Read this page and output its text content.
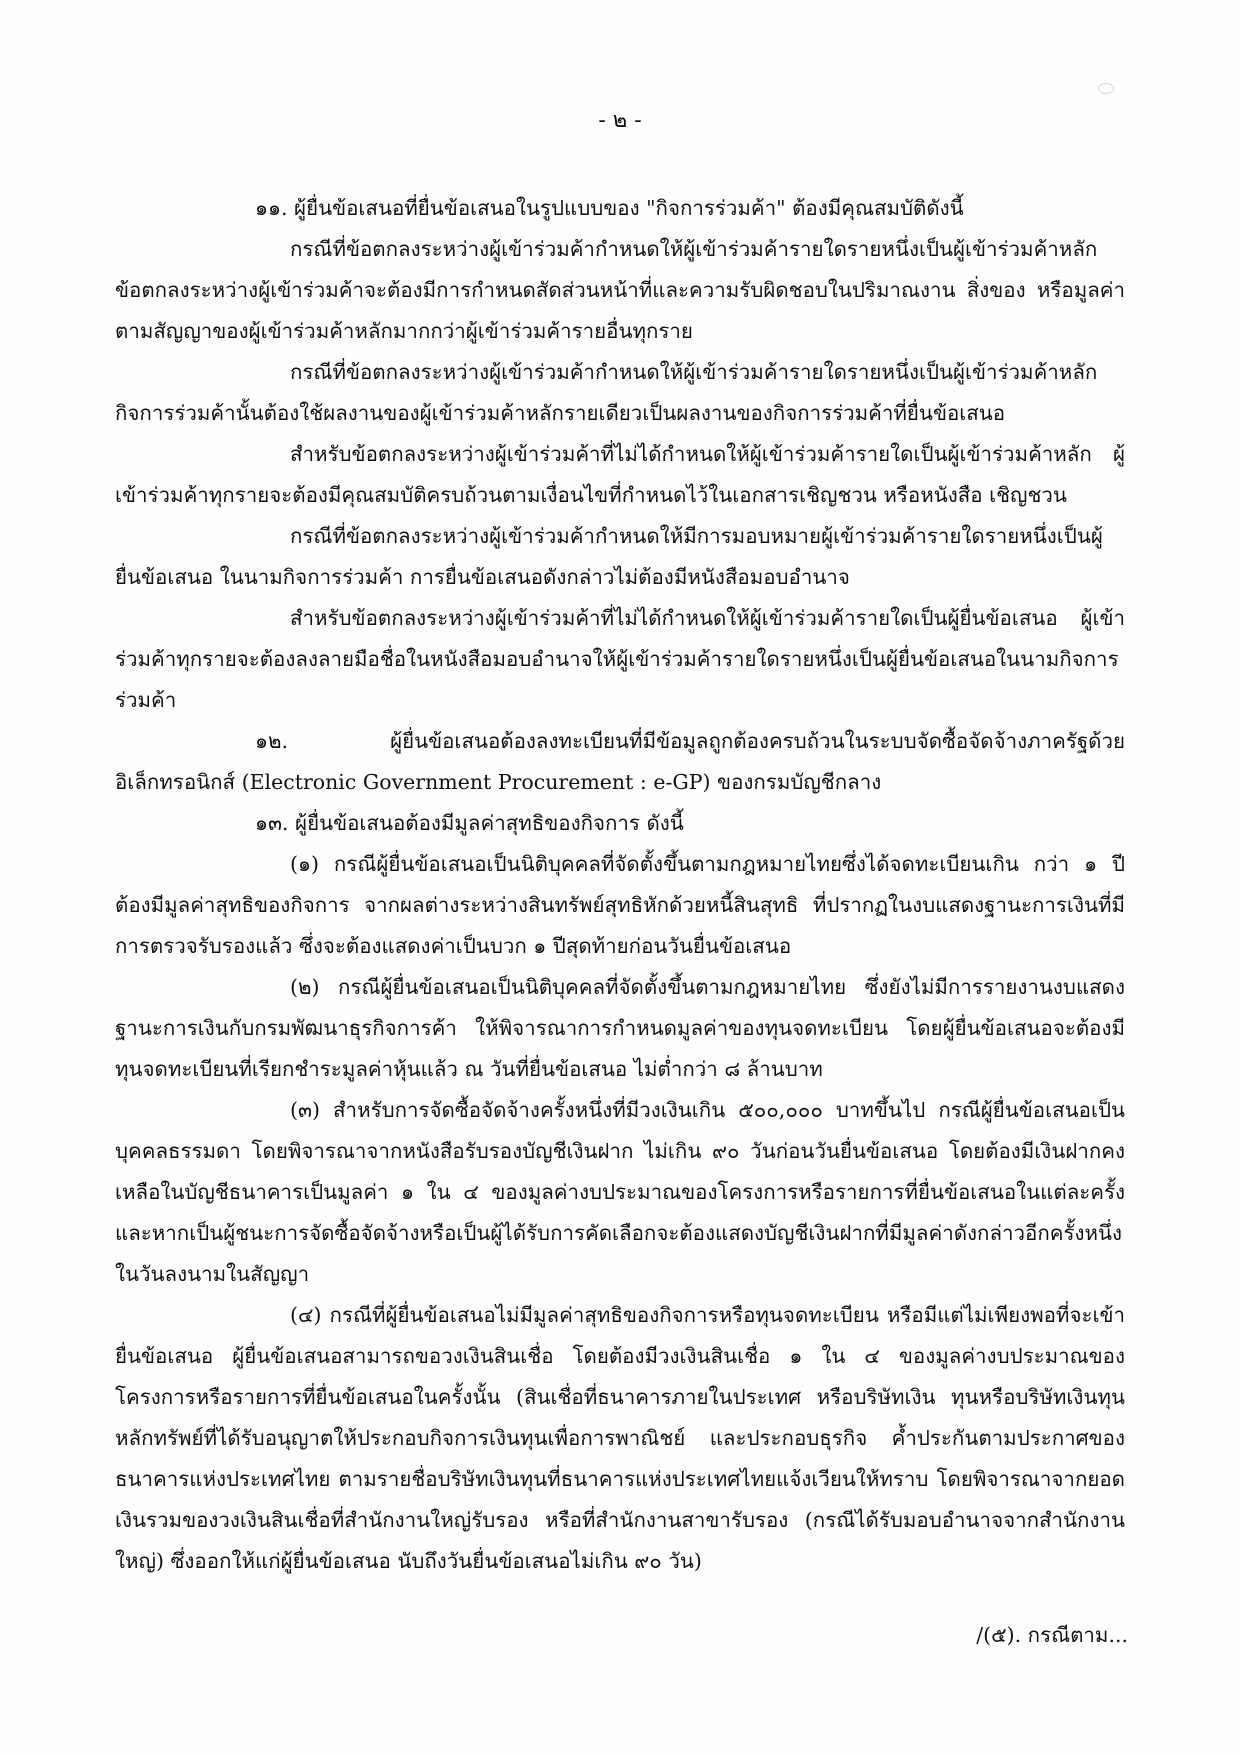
- ๒ -

๑๑. ผู้ยื่นข้อเสนอที่ยื่นข้อเสนอในรูปแบบของ "กิจการร่วมค้า" ต้องมีคุณสมบัติดังนี้

กรณีที่ข้อตกลงระหว่างผู้เข้าร่วมค้ากำหนดให้ผู้เข้าร่วมค้ารายใดรายหนึ่งเป็นผู้เข้าร่วมค้าหลัก ข้อตกลงระหว่างผู้เข้าร่วมค้าจะต้องมีการกำหนดสัดส่วนหน้าที่และความรับผิดชอบในปริมาณงาน สิ่งของ หรือมูลค่าตามสัญญาของผู้เข้าร่วมค้าหลักมากกว่าผู้เข้าร่วมค้ารายอื่นทุกราย

กรณีที่ข้อตกลงระหว่างผู้เข้าร่วมค้ากำหนดให้ผู้เข้าร่วมค้ารายใดรายหนึ่งเป็นผู้เข้าร่วมค้าหลัก กิจการร่วมค้านั้นต้องใช้ผลงานของผู้เข้าร่วมค้าหลักรายเดียวเป็นผลงานของกิจการร่วมค้าที่ยื่นข้อเสนอ

สำหรับข้อตกลงระหว่างผู้เข้าร่วมค้าที่ไม่ได้กำหนดให้ผู้เข้าร่วมค้ารายใดเป็นผู้เข้าร่วมค้าหลัก ผู้เข้าร่วมค้าทุกรายจะต้องมีคุณสมบัติครบถ้วนตามเงื่อนไขที่กำหนดไว้ในเอกสารเชิญชวน หรือหนังสือ เชิญชวน

กรณีที่ข้อตกลงระหว่างผู้เข้าร่วมค้ากำหนดให้มีการมอบหมายผู้เข้าร่วมค้ารายใดรายหนึ่งเป็นผู้ยื่นข้อเสนอ ในนามกิจการร่วมค้า การยื่นข้อเสนอดังกล่าวไม่ต้องมีหนังสือมอบอำนาจ

สำหรับข้อตกลงระหว่างผู้เข้าร่วมค้าที่ไม่ได้กำหนดให้ผู้เข้าร่วมค้ารายใดเป็นผู้ยื่นข้อเสนอ ผู้เข้าร่วมค้าทุกรายจะต้องลงลายมือชื่อในหนังสือมอบอำนาจให้ผู้เข้าร่วมค้ารายใดรายหนึ่งเป็นผู้ยื่นข้อเสนอในนามกิจการร่วมค้า

๑๒. ผู้ยื่นข้อเสนอต้องลงทะเบียนที่มีข้อมูลถูกต้องครบถ้วนในระบบจัดซื้อจัดจ้างภาครัฐด้วยอิเล็กทรอนิกส์ (Electronic Government Procurement : e-GP) ของกรมบัญชีกลาง

๑๓. ผู้ยื่นข้อเสนอต้องมีมูลค่าสุทธิของกิจการ ดังนี้

(๑) กรณีผู้ยื่นข้อเสนอเป็นนิติบุคคลที่จัดตั้งขึ้นตามกฎหมายไทยซึ่งได้จดทะเบียนเกิน กว่า ๑ ปี ต้องมีมูลค่าสุทธิของกิจการ จากผลต่างระหว่างสินทรัพย์สุทธิหักด้วยหนี้สินสุทธิ ที่ปรากฏในงบแสดงฐานะการเงินที่มีการตรวจรับรองแล้ว ซึ่งจะต้องแสดงค่าเป็นบวก ๑ ปีสุดท้ายก่อนวันยื่นข้อเสนอ

(๒) กรณีผู้ยื่นข้อเสนอเป็นนิติบุคคลที่จัดตั้งขึ้นตามกฎหมายไทย ซึ่งยังไม่มีการรายงานงบแสดงฐานะการเงินกับกรมพัฒนาธุรกิจการค้า ให้พิจารณาการกำหนดมูลค่าของทุนจดทะเบียน โดยผู้ยื่นข้อเสนอจะต้องมีทุนจดทะเบียนที่เรียกชำระมูลค่าหุ้นแล้ว ณ วันที่ยื่นข้อเสนอ ไม่ต่ำกว่า ๘ ล้านบาท

(๓) สำหรับการจัดซื้อจัดจ้างครั้งหนึ่งที่มีวงเงินเกิน ๕๐๐,๐๐๐ บาทขึ้นไป กรณีผู้ยื่นข้อเสนอเป็นบุคคลธรรมดา โดยพิจารณาจากหนังสือรับรองบัญชีเงินฝาก ไม่เกิน ๙๐ วันก่อนวันยื่นข้อเสนอ โดยต้องมีเงินฝากคงเหลือในบัญชีธนาคารเป็นมูลค่า ๑ ใน ๔ ของมูลค่างบประมาณของโครงการหรือรายการที่ยื่นข้อเสนอในแต่ละครั้ง และหากเป็นผู้ชนะการจัดซื้อจัดจ้างหรือเป็นผู้ได้รับการคัดเลือกจะต้องแสดงบัญชีเงินฝากที่มีมูลค่าดังกล่าวอีกครั้งหนึ่งในวันลงนามในสัญญา

(๔) กรณีที่ผู้ยื่นข้อเสนอไม่มีมูลค่าสุทธิของกิจการหรือทุนจดทะเบียน หรือมีแต่ไม่เพียงพอที่จะเข้ายื่นข้อเสนอ ผู้ยื่นข้อเสนอสามารถขอวงเงินสินเชื่อ โดยต้องมีวงเงินสินเชื่อ ๑ ใน ๔ ของมูลค่างบประมาณของโครงการหรือรายการที่ยื่นข้อเสนอในครั้งนั้น (สินเชื่อที่ธนาคารภายในประเทศ หรือบริษัทเงิน ทุนหรือบริษัทเงินทุนหลักทรัพย์ที่ได้รับอนุญาตให้ประกอบกิจการเงินทุนเพื่อการพาณิชย์ และประกอบธุรกิจ ค้ำประกันตามประกาศของธนาคารแห่งประเทศไทย ตามรายชื่อบริษัทเงินทุนที่ธนาคารแห่งประเทศไทยแจ้งเวียนให้ทราบ โดยพิจารณาจากยอดเงินรวมของวงเงินสินเชื่อที่สำนักงานใหญ่รับรอง หรือที่สำนักงานสาขารับรอง (กรณีได้รับมอบอำนาจจากสำนักงานใหญ่) ซึ่งออกให้แก่ผู้ยื่นข้อเสนอ นับถึงวันยื่นข้อเสนอไม่เกิน ๙๐ วัน)

/(๕). กรณีตาม...
